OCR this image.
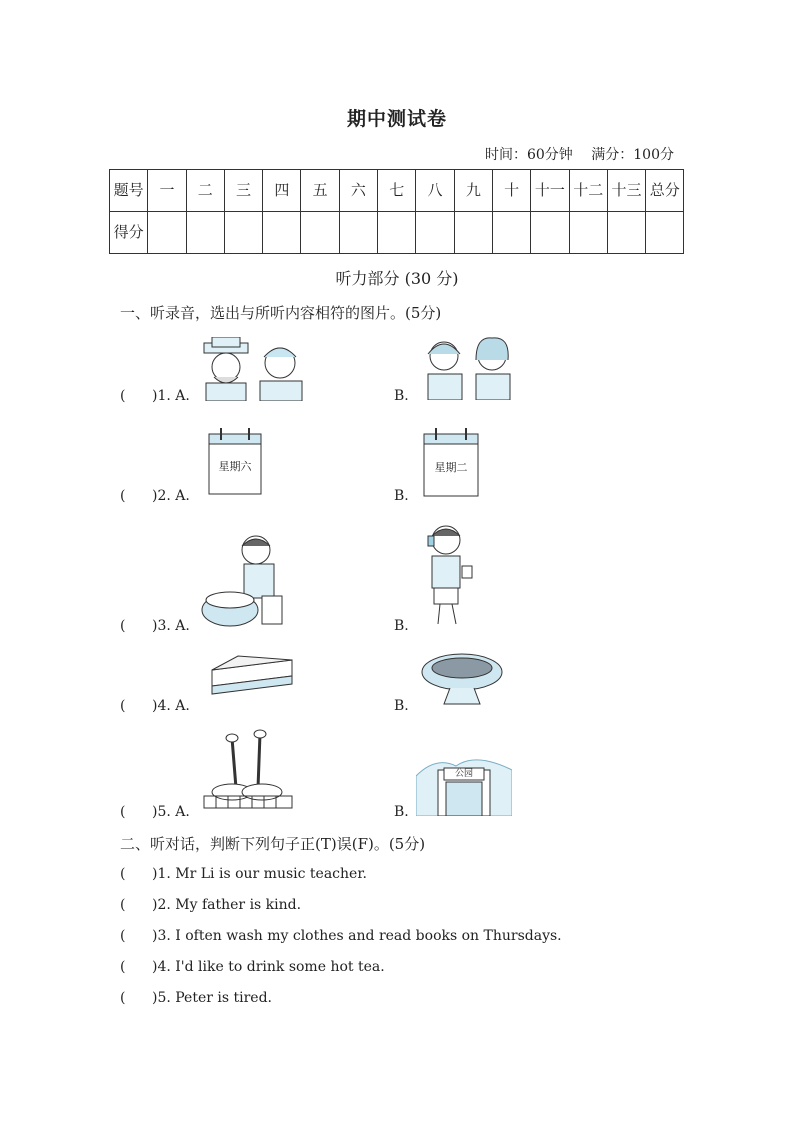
期中测试卷
时间：60分钟 满分：100分
题号	一	二	三	四	五	六	七	八	九	十	十一	十二	十三	总分
得分														
听力部分 (30 分)
一、听录音，选出与所听内容相符的图片。(5分)
( )1. A.	B.
( )2. A.
星期六
B.
星期二
( )3. A.	B.
( )4. A.	B.
( )5. A.	B.
公园
二、听对话，判断下列句子正(T)误(F)。(5分)
( )1. Mr Li is our music teacher.
( )2. My father is kind.
( )3. I often wash my clothes and read books on Thursdays.
( )4. I'd like to drink some hot tea.
( )5. Peter is tired.
